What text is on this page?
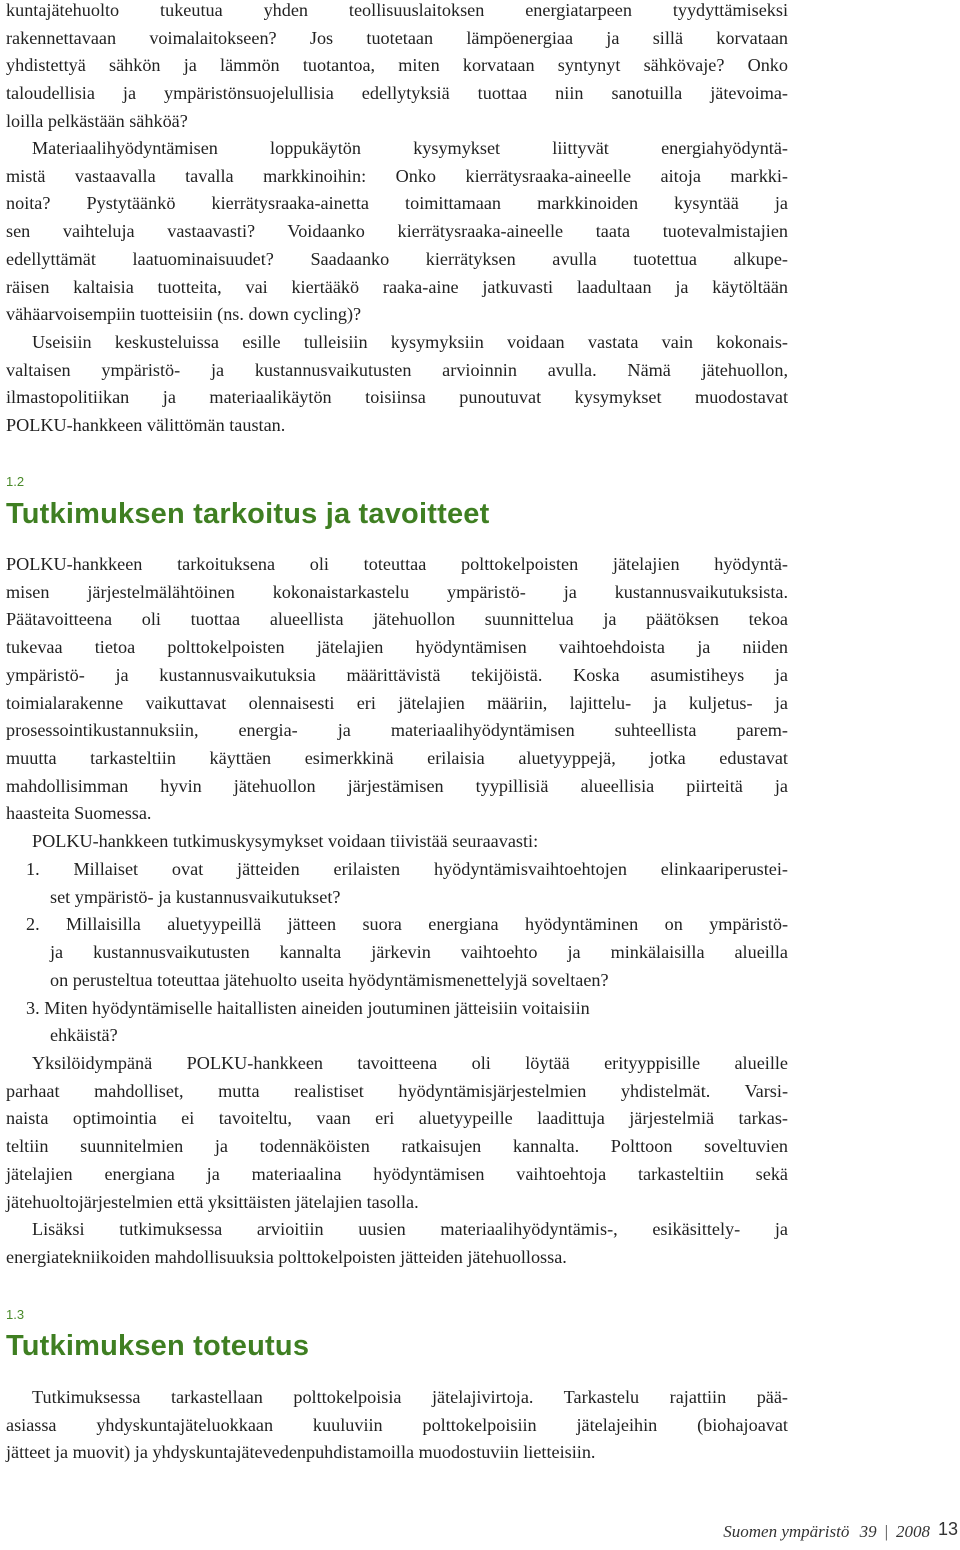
kuntajätehuolto tukeutua yhden teollisuuslaitoksen energiatarpeen tyydyttämiseksi
rakennettavaan voimalaitokseen? Jos tuotetaan lämpöenergiaa ja sillä korvataan
yhdistettyä sähkön ja lämmön tuotantoa, miten korvataan syntynyt sähkövaje? Onko
taloudellisia ja ympäristönsuojelullisia edellytyksiä tuottaa niin sanotuilla jätevoima-
loilla pelkästään sähköä?

Materiaalihyödyntämisen loppukäytön kysymykset liittyvät energiahyödyntä-
mistä vastaavalla tavalla markkinoihin: Onko kierrätysraaka-aineelle aitoja markki-
noita? Pystytäänkö kierrätysraaka-ainetta toimittamaan markkinoiden kysyntää ja
sen vaihteluja vastaavasti? Voidaanko kierrätysraaka-aineelle taata tuotevalmistajien
edellyttämät laatuominaisuudet? Saadaanko kierrätyksen avulla tuotettua alkupe-
räisen kaltaisia tuotteita, vai kiertääkö raaka-aine jatkuvasti laadultaan ja käytöltään
vähäarvoisempiin tuotteisiin (ns. down cycling)?

Useisiin keskusteluissa esille tulleisiin kysymyksiin voidaan vastata vain kokonais-
valtaisen ympäristö- ja kustannusvaikutusten arvioinnin avulla. Nämä jätehuollon,
ilmastopolitiikan ja materiaalikäytön toisiinsa punoutuvat kysymykset muodostavat
POLKU-hankkeen välittömän taustan.

1.2
Tutkimuksen tarkoitus ja tavoitteet

POLKU-hankkeen tarkoituksena oli toteuttaa polttokelpoisten jätelajien hyödyntä-
misen järjestelmälähtöinen kokonaistarkastelu ympäristö- ja kustannusvaikutuksista.
Päätavoitteena oli tuottaa alueellista jätehuollon suunnittelua ja päätöksen tekoa
tukevaa tietoa polttokelpoisten jätelajien hyödyntämisen vaihtoehdoista ja niiden
ympäristö- ja kustannusvaikutuksia määrittävistä tekijöistä. Koska asumistiheys ja
toimialarakenne vaikuttavat olennaisesti eri jätelajien määriin, lajittelu- ja kuljetus- ja
prosessointikustannuksiin, energia- ja materiaalihyödyntämisen suhteellista parem-
muutta tarkasteltiin käyttäen esimerkkinä erilaisia aluetyyppejä, jotka edustavat
mahdollisimman hyvin jätehuollon järjestämisen tyypillisiä alueellisia piirteitä ja
haasteita Suomessa.

POLKU-hankkeen tutkimuskysymykset voidaan tiivistää seuraavasti:

1. Millaiset ovat jätteiden erilaisten hyödyntämisvaihtoehtojen elinkaariperustei-
set ympäristö- ja kustannusvaikutukset?
2. Millaisilla aluetyypeillä jätteen suora energiana hyödyntäminen on ympäristö-
ja kustannusvaikutusten kannalta järkevin vaihtoehto ja minkälaisilla alueilla
on perusteltua toteuttaa jätehuolto useita hyödyntämismenettelyjä soveltaen?
3. Miten hyödyntämiselle haitallisten aineiden joutuminen jätteisiin voitaisiin
ehkäistä?

Yksilöidympänä POLKU-hankkeen tavoitteena oli löytää erityyppisille alueille
parhaat mahdolliset, mutta realistiset hyödyntämisjärjestelmien yhdistelmät. Varsi-
naista optimointia ei tavoiteltu, vaan eri aluetyypeille laadittuja järjestelmiä tarkas-
teltiin suunnitelmien ja todennäköisten ratkaisujen kannalta. Polttoon soveltuvien
jätelajien energiana ja materiaalina hyödyntämisen vaihtoehtoja tarkasteltiin sekä
jätehuoltojärjestelmien että yksittäisten jätelajien tasolla.

Lisäksi tutkimuksessa arvioitiin uusien materiaalihyödyntämis-, esikäsittely- ja
energiatekniikoiden mahdollisuuksia polttokelpoisten jätteiden jätehuollossa.

1.3
Tutkimuksen toteutus

Tutkimuksessa tarkastellaan polttokelpoisia jätelajivirtoja. Tarkastelu rajattiin pää-
asiassa yhdyskuntajäteluokkaan kuuluviin polttokelpoisiin jätelajeihin (biohajoavat
jätteet ja muovit) ja yhdyskuntajätevedenpuhdistamoilla muodostuviin lietteisiin.

Suomen ympäristö 39 | 2008 13
